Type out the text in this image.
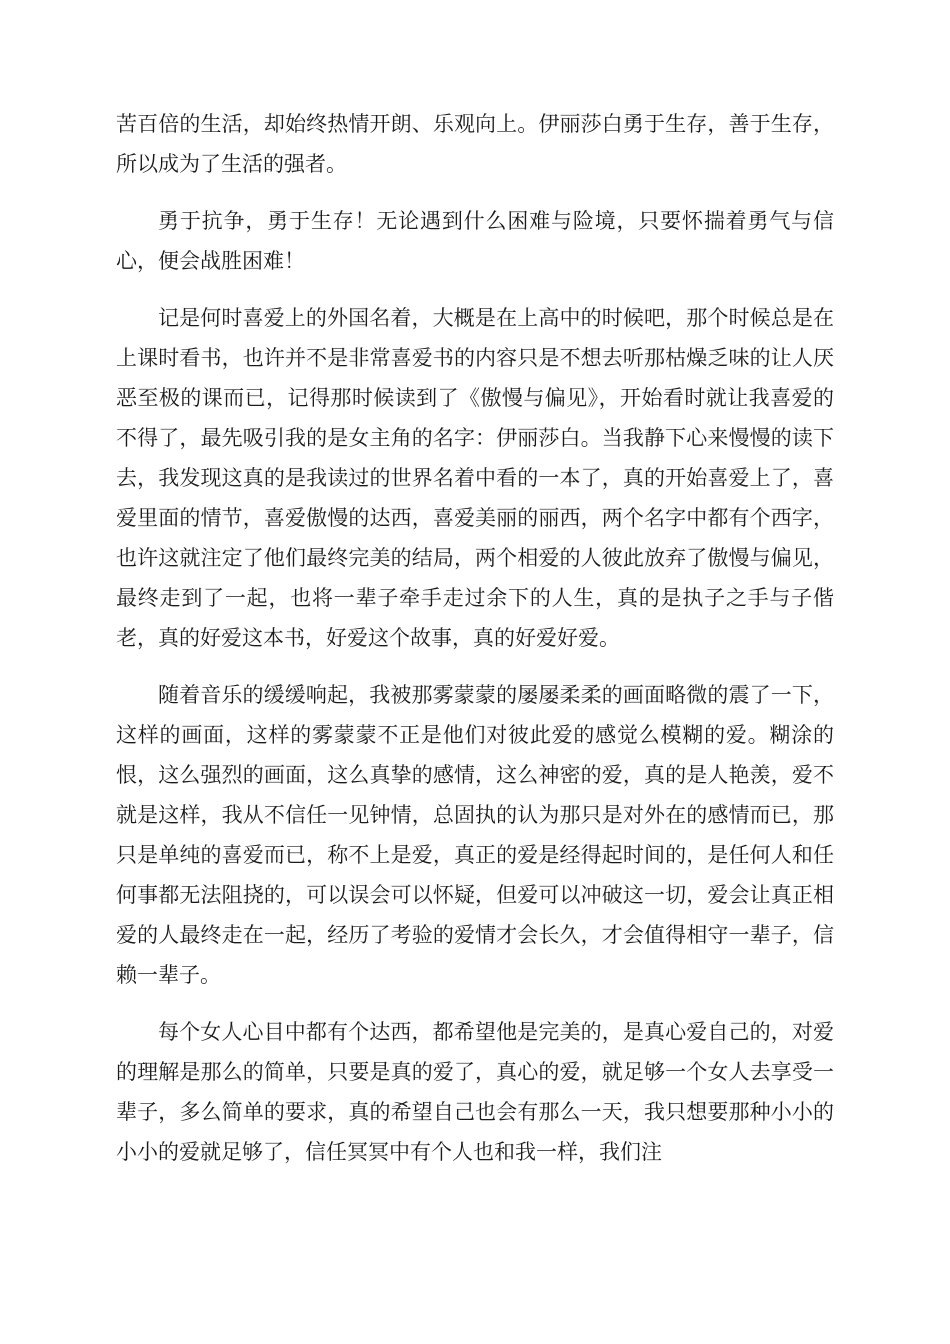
苦百倍的生活，却始终热情开朗、乐观向上。伊丽莎白勇于生存，善于生存，所以成为了生活的强者。

勇于抗争，勇于生存！无论遇到什么困难与险境，只要怀揣着勇气与信心，便会战胜困难！

记是何时喜爱上的外国名着，大概是在上高中的时候吧，那个时候总是在上课时看书，也许并不是非常喜爱书的内容只是不想去听那枯燥乏味的让人厌恶至极的课而已，记得那时候读到了《傲慢与偏见》，开始看时就让我喜爱的不得了，最先吸引我的是女主角的名字：伊丽莎白。当我静下心来慢慢的读下去，我发现这真的是我读过的世界名着中看的一本了，真的开始喜爱上了，喜爱里面的情节，喜爱傲慢的达西，喜爱美丽的丽西，两个名字中都有个西字，也许这就注定了他们最终完美的结局，两个相爱的人彼此放弃了傲慢与偏见，最终走到了一起，也将一辈子牵手走过余下的人生，真的是执子之手与子偕老，真的好爱这本书，好爱这个故事，真的好爱好爱。

随着音乐的缓缓响起，我被那雾蒙蒙的屡屡柔柔的画面略微的震了一下，这样的画面，这样的雾蒙蒙不正是他们对彼此爱的感觉么模糊的爱。糊涂的恨，这么强烈的画面，这么真挚的感情，这么神密的爱，真的是人艳羡，爱不就是这样，我从不信任一见钟情，总固执的认为那只是对外在的感情而已，那只是单纯的喜爱而已，称不上是爱，真正的爱是经得起时间的，是任何人和任何事都无法阻挠的，可以误会可以怀疑，但爱可以冲破这一切，爱会让真正相爱的人最终走在一起，经历了考验的爱情才会长久，才会值得相守一辈子，信赖一辈子。

每个女人心目中都有个达西，都希望他是完美的，是真心爱自己的，对爱的理解是那么的简单，只要是真的爱了，真心的爱，就足够一个女人去享受一辈子，多么简单的要求，真的希望自己也会有那么一天，我只想要那种小小的小小的爱就足够了，信任冥冥中有个人也和我一样，我们注
